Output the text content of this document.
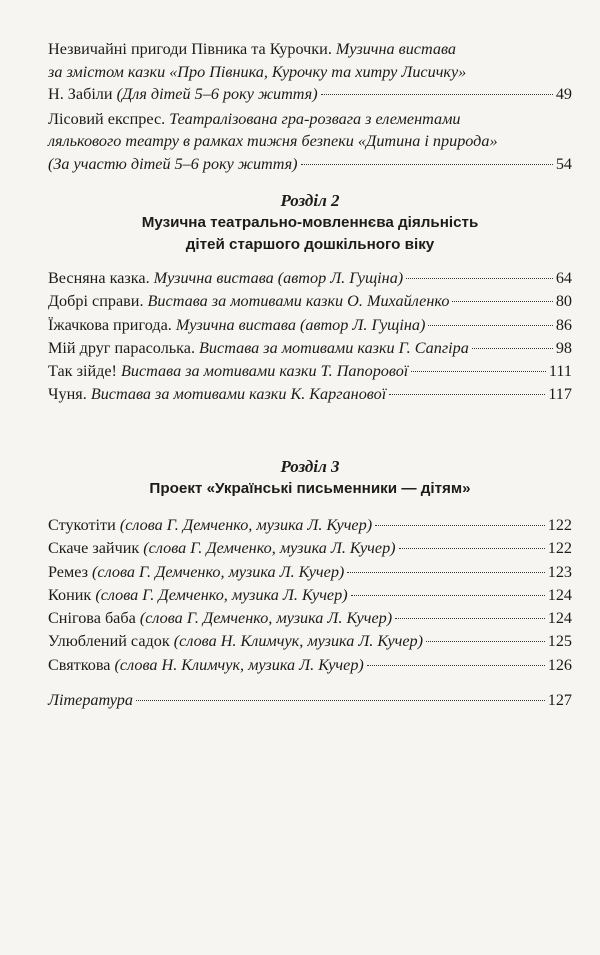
Незвичайні пригоди Півника та Курочки. Музична вистава
за змістом казки «Про Півника, Курочку та хитру Лисичку»
Н. Забіли (Для дітей 5–6 року життя)	49
Лісовий експрес. Театралізована гра-розвага з елементами
лялькового театру в рамках тижня безпеки «Дитина і природа»
(За участю дітей 5–6 року життя)	54
Розділ 2
Музична театрально-мовленнєва діяльність
дітей старшого дошкільного віку
Весняна казка. Музична вистава (автор Л. Гущіна)	64
Добрі справи. Вистава за мотивами казки О. Михайленко	80
Їжачкова пригода. Музична вистава (автор Л. Гущіна)	86
Мій друг парасолька. Вистава за мотивами казки Г. Сапгіра	98
Так зійде! Вистава за мотивами казки Т. Папорової	111
Чуня. Вистава за мотивами казки К. Карганової	117
Розділ 3
Проект «Українські письменники — дітям»
Стукотіти (слова Г. Демченко, музика Л. Кучер)	122
Скаче зайчик (слова Г. Демченко, музика Л. Кучер)	122
Ремез (слова Г. Демченко, музика Л. Кучер)	123
Коник (слова Г. Демченко, музика Л. Кучер)	124
Снігова баба (слова Г. Демченко, музика Л. Кучер)	124
Улюблений садок (слова Н. Климчук, музика Л. Кучер)	125
Святкова (слова Н. Климчук, музика Л. Кучер)	126
Література	127
